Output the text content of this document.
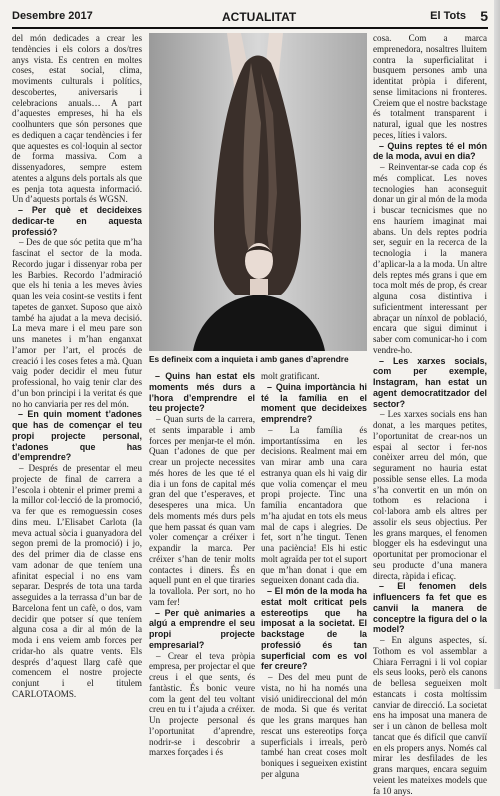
Desembre 2017	ACTUALITAT	El Tots 5

del món dedicades a crear les tendències i els colors a dos/tres anys vista. Es centren en moltes coses, estat social, clima, moviments culturals i polítics, descobertes, aniversaris i celebracions anuals… A part d’aquestes empreses, hi ha els coolhunters que són persones que es dediquen a caçar tendències i fer que aquestes es col·loquin al sector de forma massiva. Com a dissenyadores, sempre estem atentes a alguns dels portals als que es penja tota aquesta informació. Un d’aquests portals és WGSN.

– Per què et decideixes dedicar-te en aquesta professió?

– Des de que sóc petita que m’ha fascinat el sector de la moda. Recordo jugar i dissenyar roba per les Barbies. Recordo l’admiració que els hi tenia a les meves àvies quan les veia cosint-se vestits i fent tapetes de ganxet. Suposo que això també ha ajudat a la meva decisió. La meva mare i el meu pare son uns manetes i m’han enganxat l’amor per l’art, el procés de creació i les coses fetes a mà. Quan vaig poder decidir el meu futur professional, ho vaig tenir clar des d’un bon principi i la veritat és que no ho canviaria per res del món.

– En quin moment t’adones que has de començar el teu propi projecte personal, t’adones que has d’emprendre?

– Després de presentar el meu projecte de final de carrera a l’escola i obtenir el primer premi a la millor col·lecció de la promoció, va fer que es remoguessin coses dins meu. L’Elisabet Carlota (la meva actual sòcia i guanyadora del segon premi de la promoció) i jo, des del primer dia de classe ens vam adonar de que teníem una afinitat especial i no ens vam separar. Després de tota una tarda asseguides a la terrassa d’un bar de Barcelona fent un cafè, o dos, vam decidir que potser sí que teníem alguna cosa a dir al món de la moda i ens veiem amb forces per cridar-ho als quatre vents. Els després d’aquest llarg cafè que comencem el nostre projecte conjunt i el titulem CARLOTAOMS.

Es defineix com a inquieta i amb ganes d’aprendre

– Quins han estat els moments més durs a l’hora d’emprendre el teu projecte?

– Quan surts de la carrera, et sents imparable i amb forces per menjar-te el món. Quan t’adones de que per crear un projecte necessites més hores de les que té el dia i un fons de capital més gran del que t’esperaves, et desesperes una mica. Un dels moments més durs pels que hem passat és quan vam voler començar a créixer i expandir la marca. Per créixer s’han de tenir molts contactes i diners. És en aquell punt en el que tiraries la tovallola. Per sort, no ho vam fer!

– Per què animaries a algú a emprendre el seu propi projecte empresarial?

– Crear el teva pròpia empresa, per projectar el que creus i el que sents, és fantàstic. És bonic veure com la gent del teu voltant creu en tu i t’ajuda a créixer. Un projecte personal és l’oportunitat d’aprendre, nodrir-se i descobrir a marxes forçades i és

molt gratificant.

– Quina importància hi té la família en el moment que decideixes emprendre?

– La família és importantíssima en les decisions. Realment mai em van mirar amb una cara estranya quan els hi vaig dir que volia començar el meu propi projecte. Tinc una família encantadora que m’ha ajudat en tots els meus mal de caps i alegries. De fet, sort n’he tingut. Tenen una paciència! Els hi estic molt agraïda per tot el suport que m’han donat i que em segueixen donant cada dia.

– El món de la moda ha estat molt criticat pels estereotips que ha imposat a la societat. El backstage de la professió és tan superficial com es vol fer creure?

– Des del meu punt de vista, no hi ha només una visió unidireccional del món de moda. Si que és veritat que les grans marques han rescat uns estereotips força superficials i irreals, però també han creat coses molt boniques i segueixen existint per alguna

cosa. Com a marca emprenedora, nosaltres lluitem contra la superficialitat i busquem persones amb una identitat pròpia i diferent, sense limitacions ni fronteres. Creiem que el nostre backstage és totalment transparent i natural, igual que les nostres peces, líties i valors.

– Quins reptes té el món de la moda, avui en dia?

– Reinventar-se cada cop és més complicat. Les noves tecnologies han aconseguit donar un gir al món de la moda i buscar tecnicismes que no ens hauríem imaginat mai abans. Un dels reptes podria ser, seguir en la recerca de la tecnologia i la manera d’aplicar-la a la moda. Un altre dels reptes més grans i que em toca molt més de prop, és crear alguna cosa distintiva i suficientment interessant per abraçar un nínxol de població, encara que sigui diminut i saber com comunicar-ho i com vendre-ho.

– Les xarxes socials, com per exemple, Instagram, han estat un agent democratitzador del sector?

– Les xarxes socials ens han donat, a les marques petites, l’oportunitat de crear-nos un espai al sector i fer-nos conèixer arreu del món, que segurament no hauria estat possible sense elles. La moda s’ha convertit en un món on tothom es relaciona i col·labora amb els altres per assolir els seus objectius. Per les grans marques, el fenomen blogger els ha esdevingut una oportunitat per promocionar el seu producte d’una manera directa, ràpida i eficaç.

– El fenomen dels influencers fa fet que es canvii la manera de conceptre la figura del o la model?

– En alguns aspectes, sí. Tothom es vol assemblar a Chiara Ferragni i li vol copiar els seus looks, però els canons de bellesa segueixen molt estancats i costa moltíssim canviar de direcció. La societat ens ha imposat una manera de ser i un cànon de bellesa molt tancat que és difícil que canviï en els propers anys. Només cal mirar les desfilades de les grans marques, encara seguim veient les mateixes models que fa 10 anys.
